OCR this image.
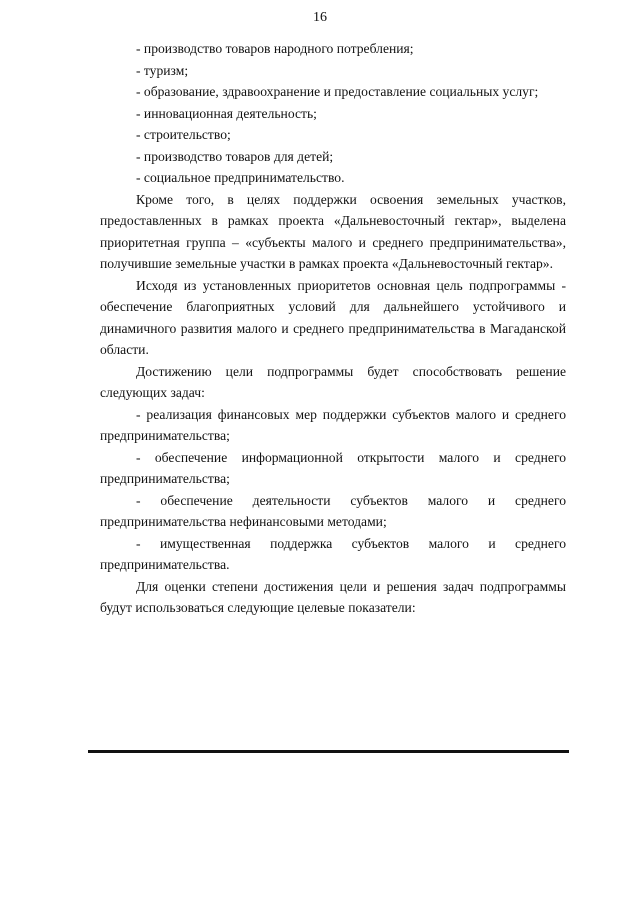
16

- производство товаров народного потребления;

- туризм;

- образование, здравоохранение и предоставление социальных услуг;

- инновационная деятельность;

- строительство;

- производство товаров для детей;

- социальное предпринимательство.

Кроме того, в целях поддержки освоения земельных участков, предоставленных в рамках проекта «Дальневосточный гектар», выделена приоритетная группа – «субъекты малого и среднего предпринимательства», получившие земельные участки в рамках проекта «Дальневосточный гектар».

Исходя из установленных приоритетов основная цель подпрограммы - обеспечение благоприятных условий для дальнейшего устойчивого и динамичного развития малого и среднего предпринимательства в Магаданской области.

Достижению цели подпрограммы будет способствовать решение следующих задач:

- реализация финансовых мер поддержки субъектов малого и среднего предпринимательства;

- обеспечение информационной открытости малого и среднего предпринимательства;

- обеспечение деятельности субъектов малого и среднего предпринимательства нефинансовыми методами;

- имущественная поддержка субъектов малого и среднего предпринимательства.

Для оценки степени достижения цели и решения задач подпрограммы будут использоваться следующие целевые показатели:
